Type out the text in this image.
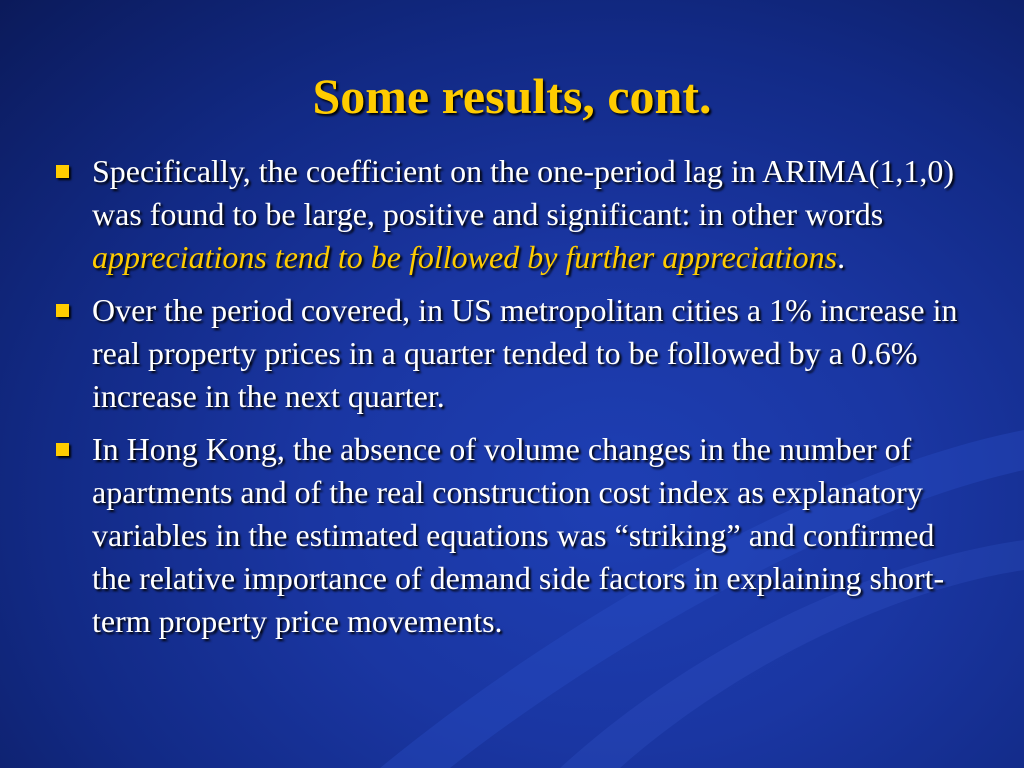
Some results, cont.
Specifically, the coefficient on the one-period lag in ARIMA(1,1,0) was found to be large, positive and significant: in other words appreciations tend to be followed by further appreciations.
Over the period covered, in US metropolitan cities a 1% increase in real property prices in a quarter tended to be followed by a 0.6% increase in the next quarter.
In Hong Kong, the absence of volume changes in the number of apartments and of the real construction cost index as explanatory variables in the estimated equations was “striking” and confirmed the relative importance of demand side factors in explaining short-term property price movements.
